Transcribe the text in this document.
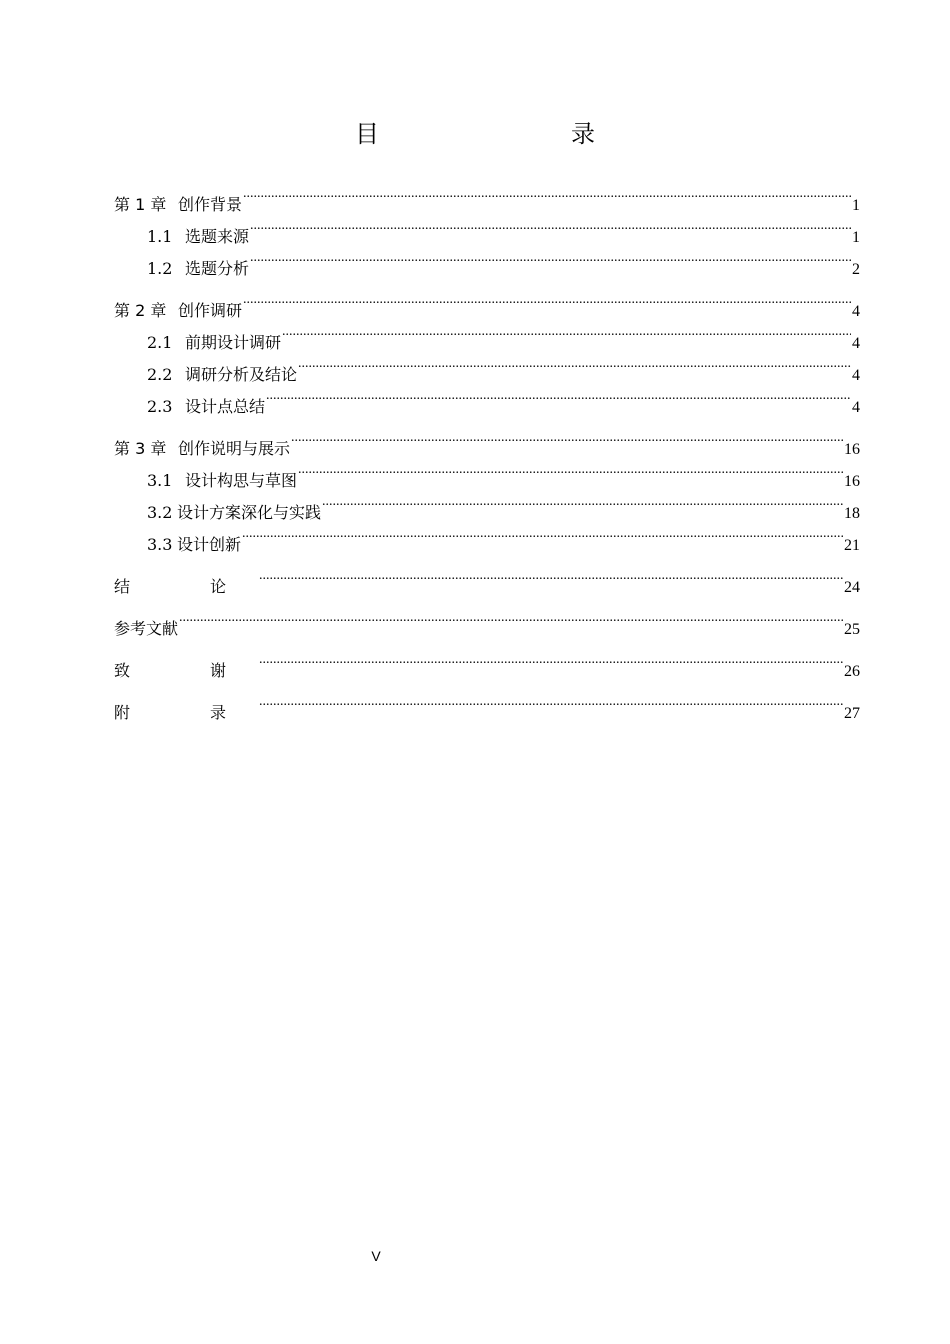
目　　录
第 1 章 创作背景 .....	1
1.1 选题来源 .....	1
1.2 选题分析 .....	2
第 2 章 创作调研 .....	4
2.1 前期设计调研 .....	4
2.2 调研分析及结论 .....	4
2.3 设计点总结 .....	4
第 3 章 创作说明与展示 .....	16
3.1 设计构思与草图 .....	16
3.2 设计方案深化与实践 .....	18
3.3 设计创新 .....	21
结　论 .....	24
参考文献 .....	25
致　谢 .....	26
附　录 .....	27
V
